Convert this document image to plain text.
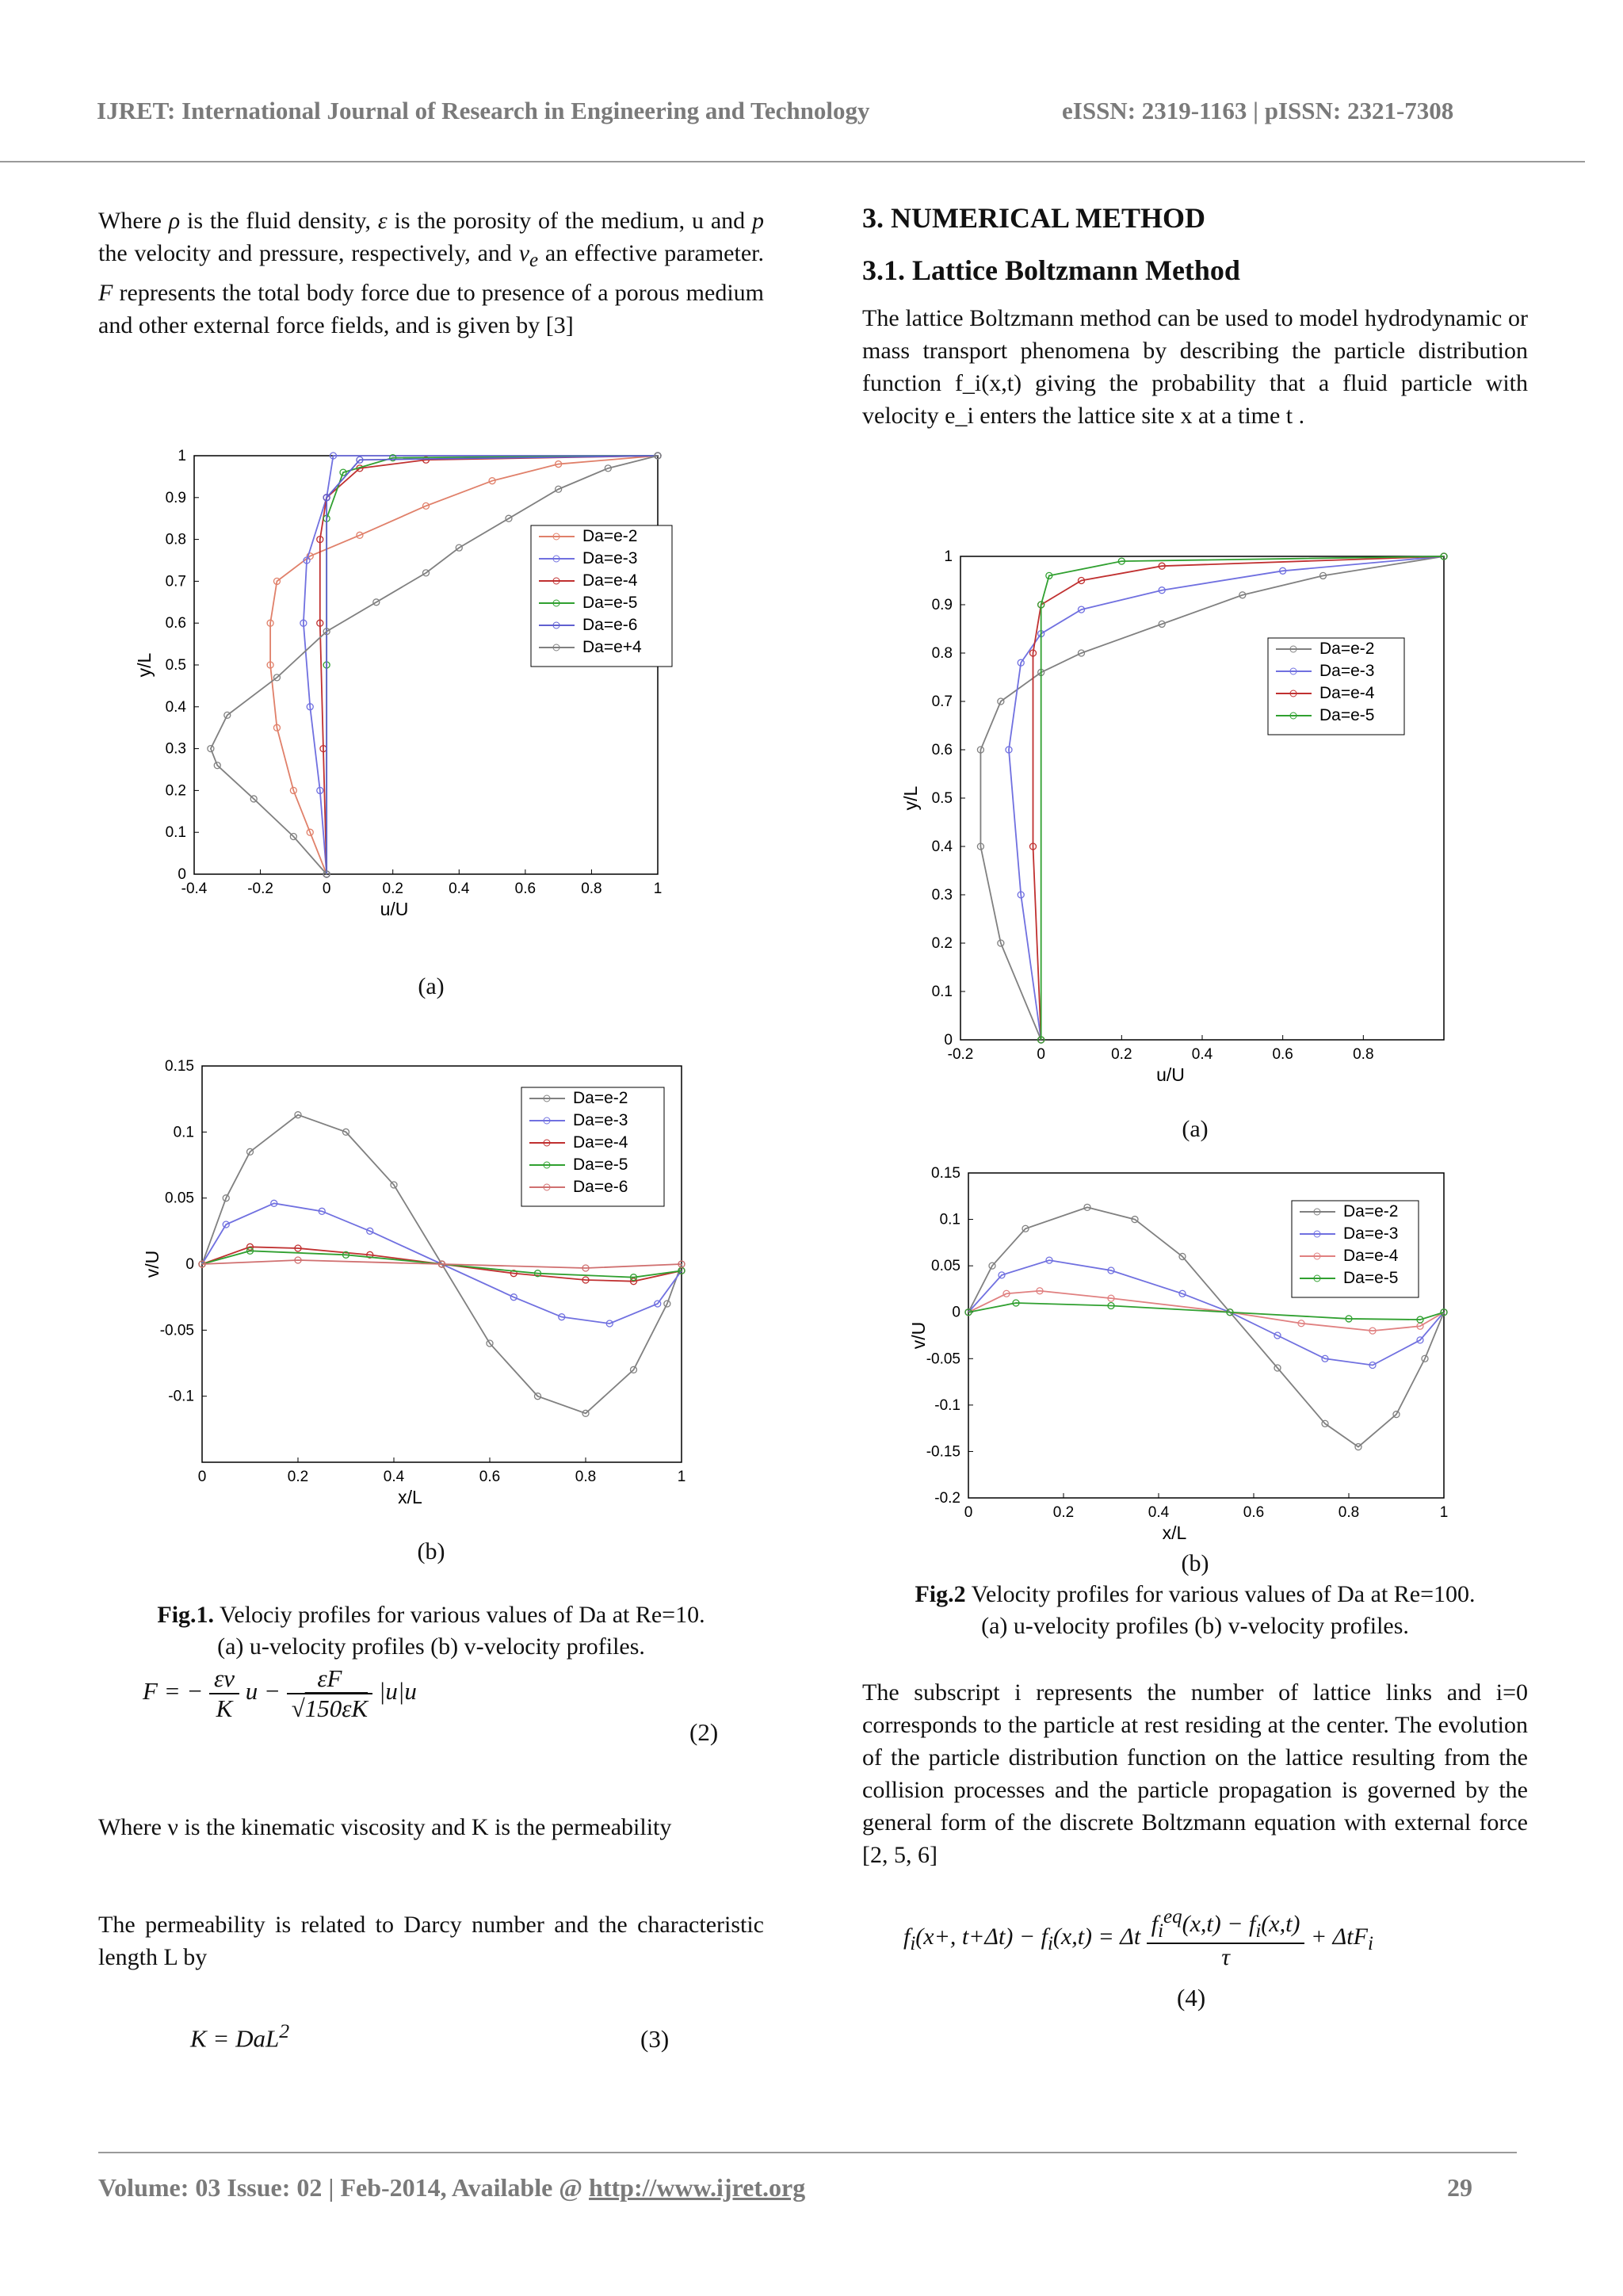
IJRET: International Journal of Research in Engineering and Technology	eISSN: 2319-1163 | pISSN: 2321-7308
Where ρ is the fluid density, ε is the porosity of the medium, u and p the velocity and pressure, respectively, and $v_e$ an effective parameter. F represents the total body force due to presence of a porous medium and other external force fields, and is given by [3]
-0.4	-0.2	0	0.2	0.4	0.6	0.8	1
0
0.1
0.2
0.3
0.4
0.5
0.6
0.7
0.8
0.9
1
u/U
y/L
Da=e-2
Da=e-3
Da=e-4
Da=e-5
Da=e-6
Da=e+4
(a)
0	0.2	0.4	0.6	0.8	1
-0.1
-0.05
0
0.05
0.1
0.15
x/L
v/U
Da=e-2
Da=e-3
Da=e-4
Da=e-5
Da=e-6
(b)
Fig.1. Velociy profiles for various values of Da at Re=10.
(a) u-velocity profiles (b) v-velocity profiles.
F = − $\frac{\varepsilon\nu}{K}$ $u - \frac{\varepsilon F}{√150\varepsilon K} |u|u$
(2)
Where ν is the kinematic viscosity and K is the permeability
The permeability is related to Darcy number and the characteristic length L by
K = DaL$^2$	(3)
3. NUMERICAL METHOD
3.1. Lattice Boltzmann Method
The lattice Boltzmann method can be used to model hydrodynamic or mass transport phenomena by describing the particle distribution function f_i(x,t) giving the probability that a fluid particle with velocity e_i enters the lattice site x at a time t .
-0.2	0	0.2	0.4	0.6	0.8
0
0.1
0.2
0.3
0.4
0.5
0.6
0.7
0.8
0.9
1
u/U
y/L
Da=e-2
Da=e-3
Da=e-4
Da=e-5
(a)
0	0.2	0.4	0.6	0.8	1
-0.2
-0.15
-0.1
-0.05
0
0.05
0.1
0.15
x/L
v/U
Da=e-2
Da=e-3
Da=e-4
Da=e-5
(b)
Fig.2 Velocity profiles for various values of Da at Re=100.
(a) u-velocity profiles (b) v-velocity profiles.
The subscript i represents the number of lattice links and i=0 corresponds to the particle at rest residing at the center. The evolution of the particle distribution function on the lattice resulting from the collision processes and the particle propagation is governed by the general form of the discrete Boltzmann equation with external force [2, 5, 6]
$f_i(x+$, $t+\Delta t) - f_i(x,t) = \Delta t \frac{f_i^{eq}(x,t) - f_i(x,t)}{\tau} + \Delta tF_i$
(4)
Volume: 03 Issue: 02 | Feb-2014, Available @ http://www.ijret.org	29
